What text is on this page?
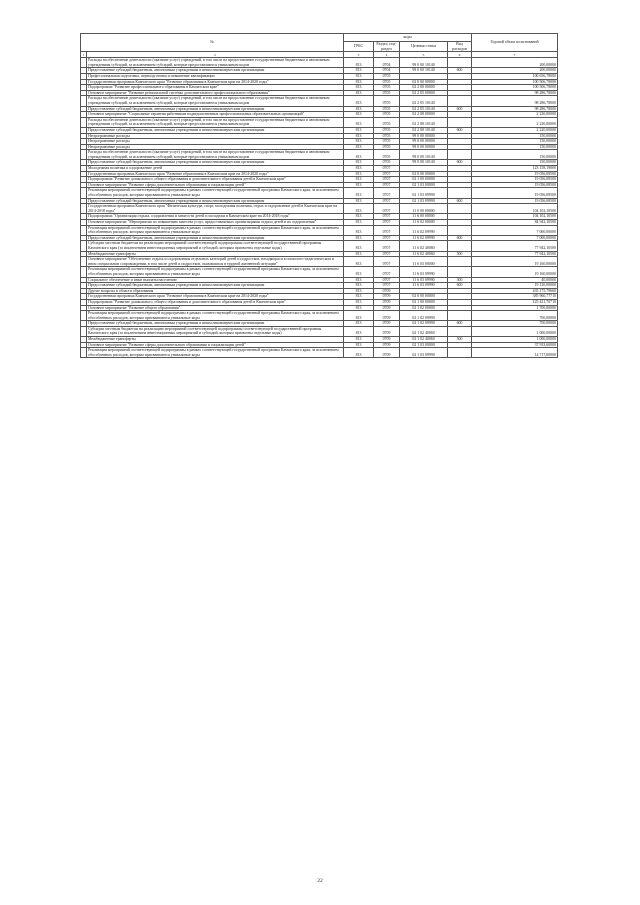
№		коды				Годовой объем ассигнований
		ГРБС	Раздел, под-раздел	Целевая статья	Вид расходов	
1	2	3	4	5	6	7
	Расходы на обеспечение деятельности (оказание услуг) учреждений, в том числе на предоставление государственным бюджетным и автономным учреждениям субсидий, за исключением субсидий, которые предоставляются уникальным кодом	813	0704	99 0 00 10140		200,00000
	Предоставление субсидий бюджетным, автономным учреждениям и иным некоммерческим организациям	813	0704	99 0 00 10140	600	200,00000
	Профессиональная подготовка, переподготовка и повышение квалификации	813	0705			100 656,78000
	Государственная программа Камчатского края "Развитие образования в Камчатском крае на 2014-2020 годы"	813	0705	02 0 00 00000		100 506,78000
	Подпрограмма "Развитие профессионального образования в Камчатском крае"	813	0705	02 2 00 00000		100 506,78000
	Основное мероприятие "Развитие региональной системы дополнительного профессионального образования"	813	0705	02 2 05 00000		98 286,78000
	Расходы на обеспечение деятельности (оказание услуг) учреждений, в том числе на предоставление государственным бюджетным и автономным учреждениям субсидий, за исключением субсидий, которые предоставляются уникальным кодом	813	0705	02 2 05 10140		98 286,78000
	Предоставление субсидий бюджетным, автономным учреждениям и иным некоммерческим организациям	813	0705	02 2 05 10140	600	98 286,78000
	Основное мероприятие "Социальные гарантии работникам подведомственных профессиональных образовательных организаций"	813	0705	02 2 08 00000		2 220,00000
	Расходы на обеспечение деятельности (оказание услуг) учреждений, в том числе на предоставление государственным бюджетным и автономным учреждениям субсидий, за исключением субсидий, которые предоставляются уникальным кодом	813	0705	02 2 08 10140		2 220,00000
	Предоставление субсидий бюджетным, автономным учреждениям и иным некоммерческим организациям	813	0705	02 2 08 10140	600	2 220,00000
	Непрограммные расходы	813	0705	99 0 00 00000		150,00000
	Непрограммные расходы	813	0705	99 0 00 00000		150,00000
	Непрограммные расходы	813	0705	99 0 00 00000		150,00000
	Расходы на обеспечение деятельности (оказание услуг) учреждений, в том числе на предоставление государственным бюджетным и автономным учреждениям субсидий, за исключением субсидий, которые предоставляются уникальным кодом	813	0705	99 0 00 10140		150,00000
	Предоставление субсидий бюджетным, автономным учреждениям и иным некоммерческим организациям	813	0705	99 0 00 10140	600	150,00000
	Молодежная политика и оздоровление детей	813	0707			123 158,19000
	Государственная программа Камчатского края "Развитие образования в Камчатском крае на 2014-2020 годы"	813	0707	02 0 00 00000		19 056,08500
	Подпрограмма "Развитие дошкольного, общего образования и дополнительного образования детей в Камчатском крае"	813	0707	02 1 00 00000		19 056,08500
	Основное мероприятие "Развитие сферы дополнительного образования и социализации детей"	813	0707	02 1 03 00000		19 056,08500
	Реализация мероприятий соответствующей подпрограммы в рамках соответствующей государственной программы Камчатского края, за исключением обособленных расходов, которым присваиваются уникальные коды	813	0707	02 1 03 09990		19 056,08500
	Предоставление субсидий бюджетным, автономным учреждениям и иным некоммерческим организациям	813	0707	02 1 03 09990	600	19 056,08500
	Государственная программа Камчатского края "Физическая культура, спорт, молодежная политика, отдых и оздоровление детей в Камчатском крае на 2014-2018 годы"	813	0707	11 0 00 00000		104 102,10500
	Подпрограмма "Организация отдыха, оздоровления и занятости детей и молодежи в Камчатском крае на 2014-2018 годы"	813	0707	11 6 00 00000		104 102,10500
	Основное мероприятие "Мероприятия по повышению качества услуг, предоставляемых организациями отдыха детей и их оздоровления"	813	0707	11 6 02 00000		84 942,10500
	Реализация мероприятий соответствующей подпрограммы в рамках соответствующей государственной программы Камчатского края, за исключением обособленных расходов, которым присваиваются уникальные коды	813	0707	11 6 02 09990		7 000,00000
	Предоставление субсидий бюджетным, автономным учреждениям и иным некоммерческим организациям	813	0707	11 6 02 09990	600	7 000,00000
	Субсидии местным бюджетам на реализацию мероприятий соответствующей подпрограммы соответствующей государственной программы Камчатского края (за исключением инвестиционных мероприятий и субсидий, которым присвоены отдельные коды)	813	0707	11 6 02 40060		77 942,10500
	Межбюджетные трансферты	813	0707	11 6 02 40060	500	77 942,10500
	Основное мероприятие "Обеспечение отдыха и оздоровления отдельных категорий детей и подростков, находящихся в психолого-педагогическом и ином специальном сопровождении, в том числе детей и подростков, оказавшихся в трудной жизненной ситуации"	813	0707	11 6 03 00000		19 160,00000
	Реализация мероприятий соответствующей подпрограммы в рамках соответствующей государственной программы Камчатского края, за исключением обособленных расходов, которым присваиваются уникальные коды	813	0707	11 6 03 09990		19 160,00000
	Социальное обеспечение и иные выплаты населению	813	0707	11 6 03 09990	300	40,00000
	Предоставление субсидий бюджетным, автономным учреждениям и иным некоммерческим организациям	813	0707	11 6 03 09990	600	19 120,00000
	Другие вопросы в области образования	813	0709			435 175,79660
	Государственная программа Камчатского края "Развитие образования в Камчатском крае на 2014-2020 годы"	813	0709	02 0 00 00000		385 960,77710
	Подпрограмма "Развитие дошкольного, общего образования и дополнительного образования детей в Камчатском крае"	813	0709	02 1 00 00000		125 421,70710
	Основное мероприятие "Развитие общего образования"	813	0709	02 1 02 00000		1 700,00000
	Реализация мероприятий соответствующей подпрограммы в рамках соответствующей государственной программы Камчатского края, за исключением обособленных расходов, которым присваиваются уникальные коды	813	0709	02 1 02 09990		700,00000
	Предоставление субсидий бюджетным, автономным учреждениям и иным некоммерческим организациям	813	0709	02 1 02 09990	600	700,00000
	Субсидии местным бюджетам на реализацию мероприятий соответствующей подпрограммы соответствующей государственной программы Камчатского края (за исключением инвестиционных мероприятий и субсидий, которым присвоены отдельные коды)	813	0709	02 1 02 40060		1 000,00000
	Межбюджетные трансферты	813	0709	02 1 02 40060	500	1 000,00000
	Основное мероприятие "Развитие сферы дополнительного образования и социализации детей"	813	0709	02 1 03 00000		37 933,60000
	Реализация мероприятий соответствующей подпрограммы в рамках соответствующей государственной программы Камчатского края, за исключением обособленных расходов, которым присваиваются уникальные коды	813	0709	02 1 03 09990		14 717,00000
22
